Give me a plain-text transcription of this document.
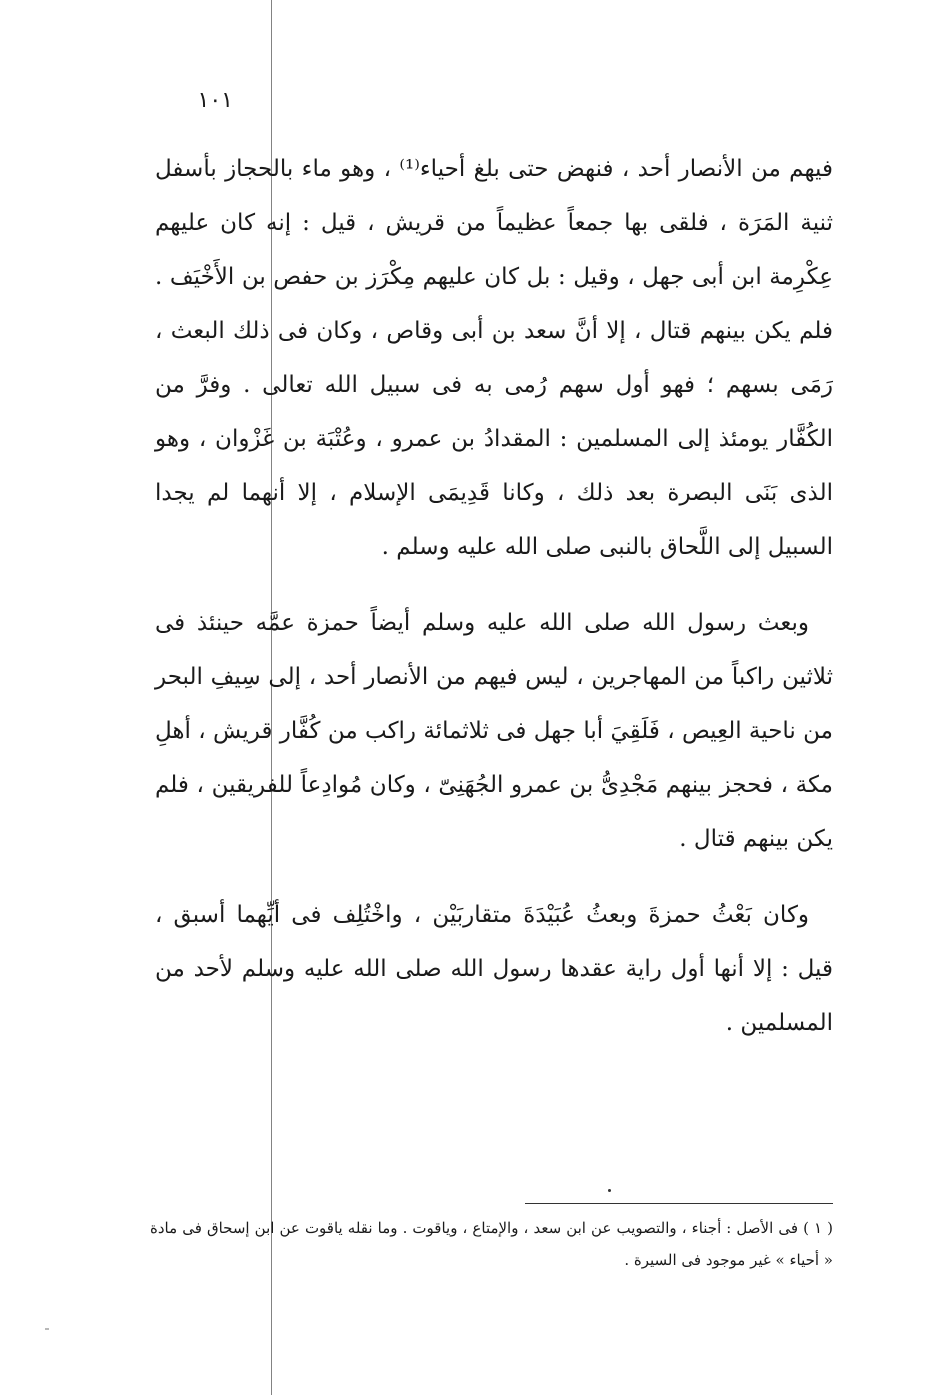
١٠١

فيهم من الأنصار أحد ، فنهض حتى بلغ أحياء⁽¹⁾ ، وهو ماء بالحجاز بأسفل ثنية المَرَة ، فلقى بها جمعاً عظيماً من قريش ، قيل : إنه كان عليهم عِكْرِمة ابن أبى جهل ، وقيل : بل كان عليهم مِكْرَز بن حفص بن الأَخْيَف . فلم يكن بينهم قتال ، إلا أنَّ سعد بن أبى وقاص ، وكان فى ذلك البعث ، رَمَى بسهم ؛ فهو أول سهم رُمى به فى سبيل الله تعالى . وفرَّ من الكُفَّار يومئذ إلى المسلمين : المقدادُ بن عمرو ، وعُتْبَة بن غَزْوان ، وهو الذى بَنَى البصرة بعد ذلك ، وكانا قَدِيمَى الإسلام ، إلا أنهما لم يجدا السبيل إلى اللَّحاق بالنبى صلى الله عليه وسلم .

وبعث رسول الله صلى الله عليه وسلم أيضاً حمزة عمَّه حينئذ فى ثلاثين راكباً من المهاجرين ، ليس فيهم من الأنصار أحد ، إلى سِيفِ البحر من ناحية العِيص ، فَلَقِيَ أبا جهل فى ثلاثمائة راكب من كُفَّار قريش ، أهلِ مكة ، فحجز بينهم مَجْدِىُّ بن عمرو الجُهَنِىّ ، وكان مُوادِعاً للفريقين ، فلم يكن بينهم قتال .

وكان بَعْثُ حمزةَ وبعثُ عُبَيْدَةَ متقاربَيْن ، واخْتُلِف فى أيِّهما أسبق ، قيل : إلا أنها أول راية عقدها رسول الله صلى الله عليه وسلم لأحد من المسلمين .

( ١ ) فى الأصل : أجناء ، والتصويب عن ابن سعد ، والإمتاع ، وياقوت . وما نقله ياقوت عن ابن إسحاق فى مادة « أحياء » غير موجود فى السيرة .
